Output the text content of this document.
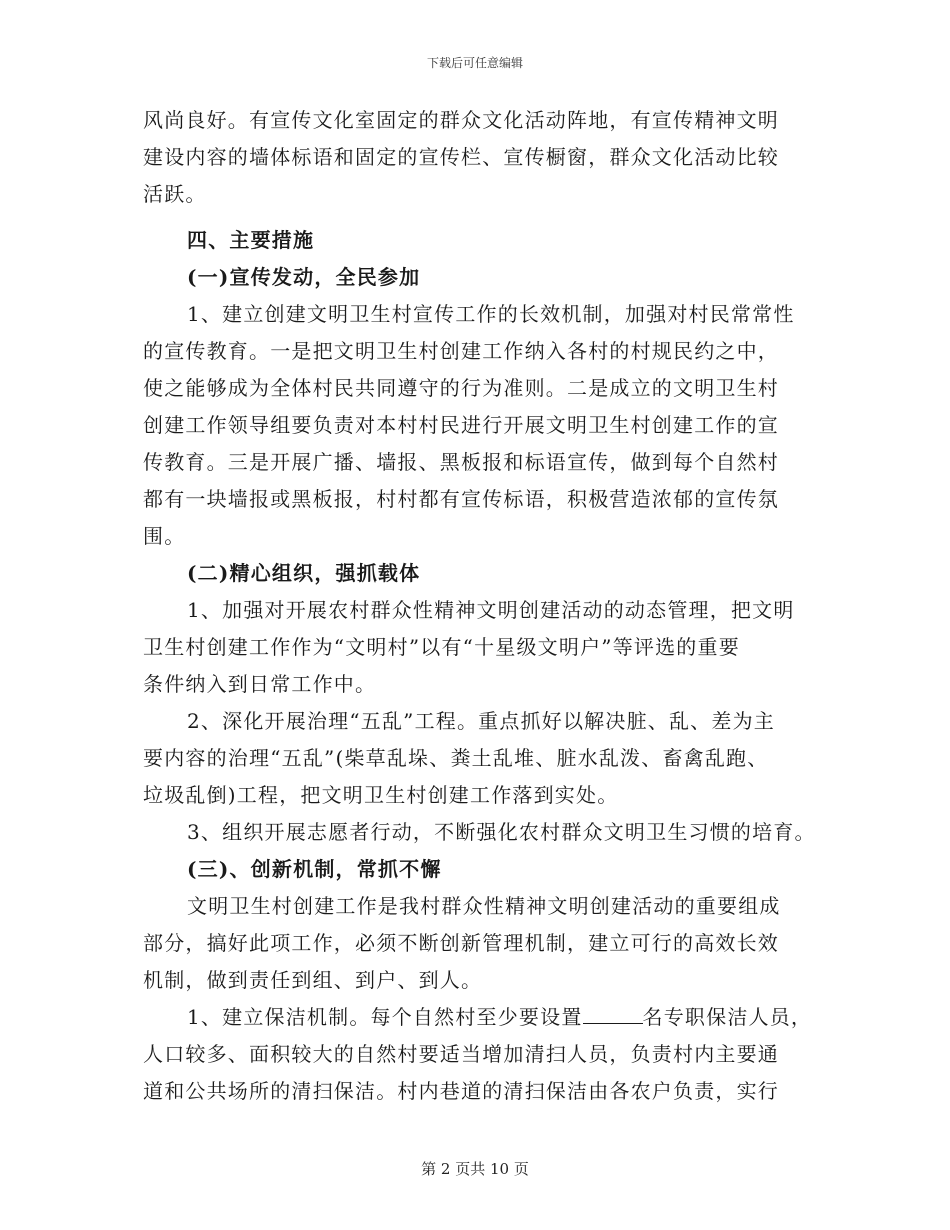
下载后可任意编辑
风尚良好。有宣传文化室固定的群众文化活动阵地，有宣传精神文明
建设内容的墙体标语和固定的宣传栏、宣传橱窗，群众文化活动比较
活跃。
四、主要措施
(一)宣传发动，全民参加
1、建立创建文明卫生村宣传工作的长效机制，加强对村民常常性
的宣传教育。一是把文明卫生村创建工作纳入各村的村规民约之中，
使之能够成为全体村民共同遵守的行为准则。二是成立的文明卫生村
创建工作领导组要负责对本村村民进行开展文明卫生村创建工作的宣
传教育。三是开展广播、墙报、黑板报和标语宣传，做到每个自然村
都有一块墙报或黑板报，村村都有宣传标语，积极营造浓郁的宣传氛
围。
(二)精心组织，强抓载体
1、加强对开展农村群众性精神文明创建活动的动态管理，把文明
卫生村创建工作作为“文明村”以有“十星级文明户”等评选的重要
条件纳入到日常工作中。
2、深化开展治理“五乱”工程。重点抓好以解决脏、乱、差为主
要内容的治理“五乱”(柴草乱垛、粪土乱堆、脏水乱泼、畜禽乱跑、
垃圾乱倒)工程，把文明卫生村创建工作落到实处。
3、组织开展志愿者行动，不断强化农村群众文明卫生习惯的培育。
(三)、创新机制，常抓不懈
文明卫生村创建工作是我村群众性精神文明创建活动的重要组成
部分，搞好此项工作，必须不断创新管理机制，建立可行的高效长效
机制，做到责任到组、到户、到人。
1、建立保洁机制。每个自然村至少要设置	名专职保洁人员，
人口较多、面积较大的自然村要适当增加清扫人员，负责村内主要通
道和公共场所的清扫保洁。村内巷道的清扫保洁由各农户负责，实行
第 2 页共 10 页
